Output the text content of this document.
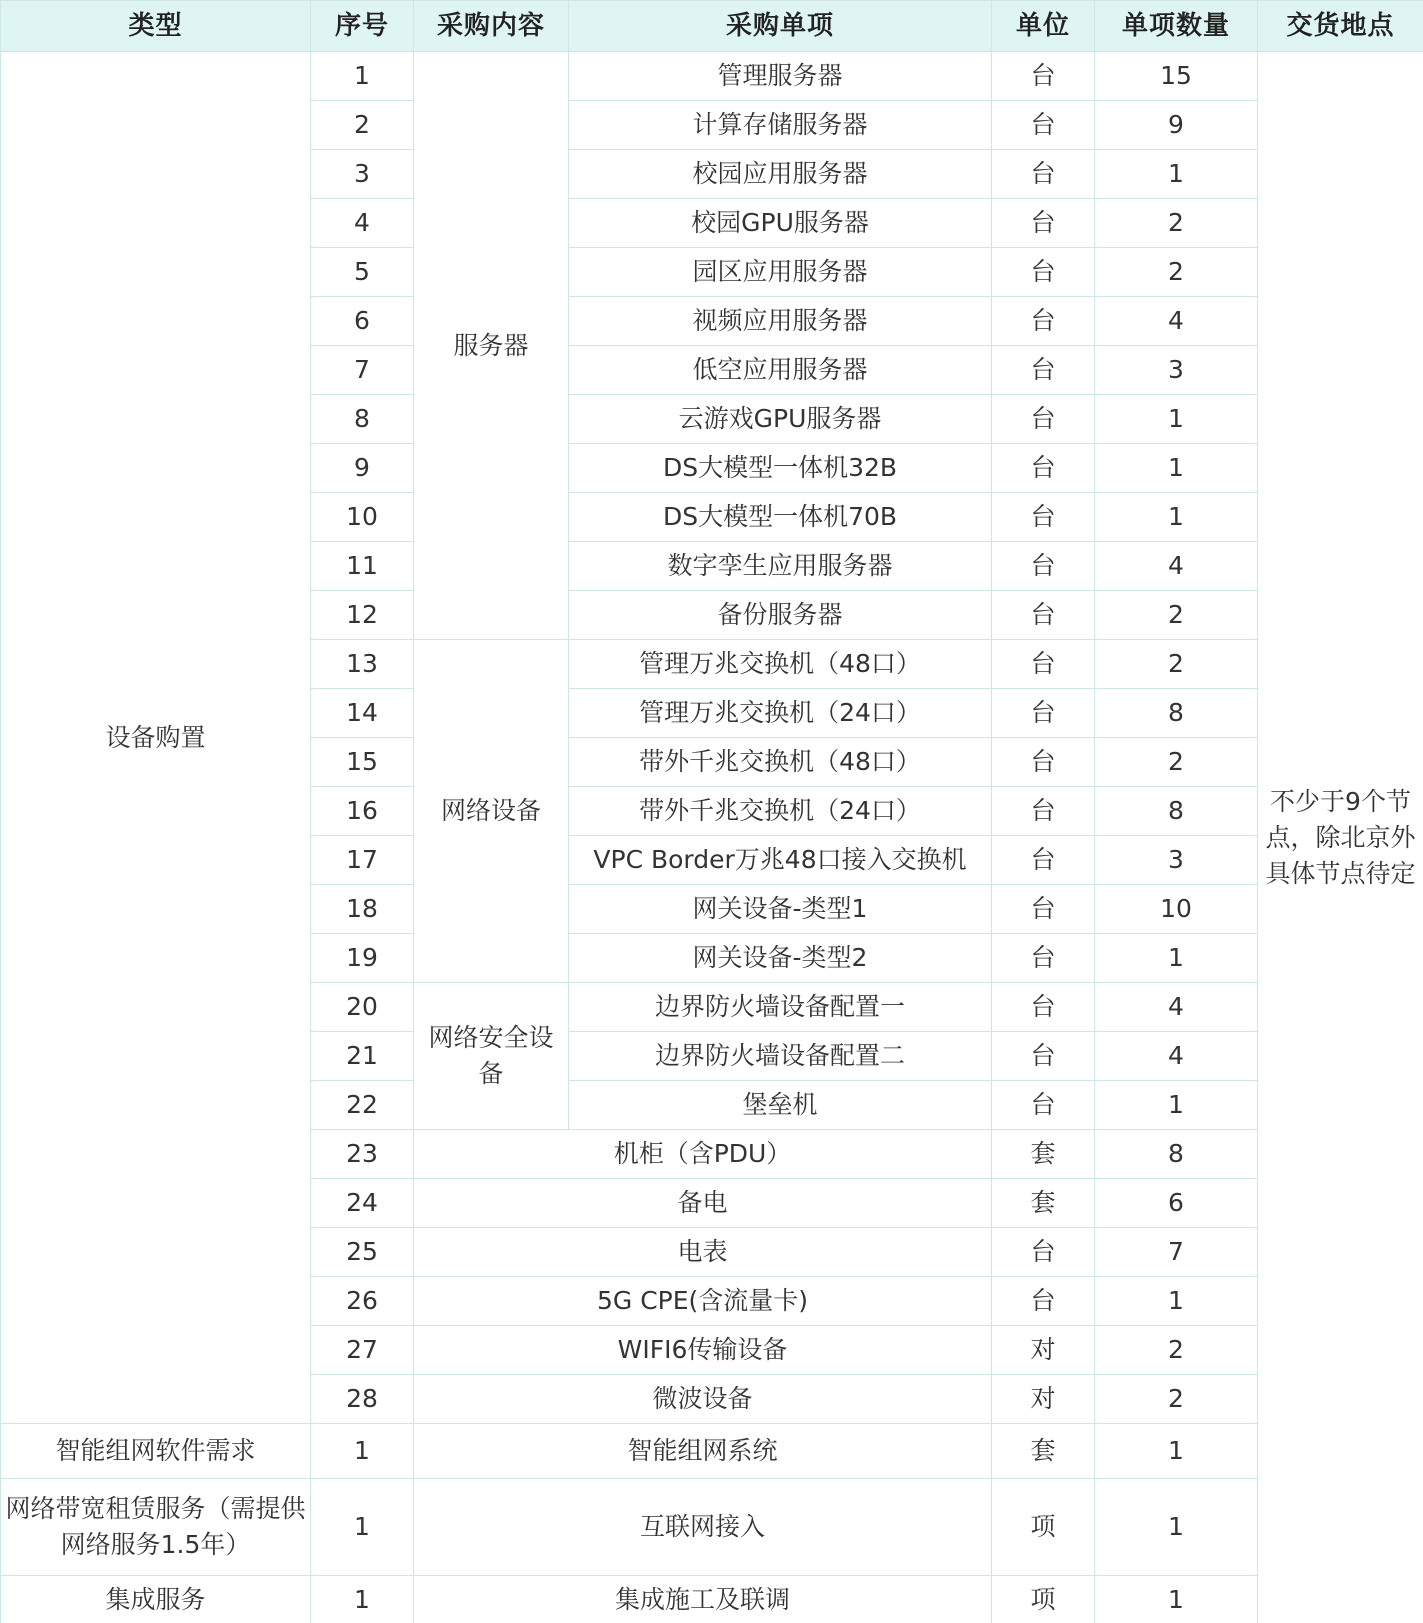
类型	序号	采购内容	采购单项	单位	单项数量	交货地点
设备购置	1	服务器	管理服务器	台	15	不少于9个节点，除北京外具体节点待定
	2		计算存储服务器	台	9	
	3		校园应用服务器	台	1	
	4		校园GPU服务器	台	2	
	5		园区应用服务器	台	2	
	6		视频应用服务器	台	4	
	7		低空应用服务器	台	3	
	8		云游戏GPU服务器	台	1	
	9		DS大模型一体机32B	台	1	
	10		DS大模型一体机70B	台	1	
	11		数字孪生应用服务器	台	4	
	12		备份服务器	台	2	
	13	网络设备	管理万兆交换机（48口）	台	2	
	14		管理万兆交换机（24口）	台	8	
	15		带外千兆交换机（48口）	台	2	
	16		带外千兆交换机（24口）	台	8	
	17		VPC Border万兆48口接入交换机	台	3	
	18		网关设备-类型1	台	10	
	19		网关设备-类型2	台	1	
	20	网络安全设备	边界防火墙设备配置一	台	4	
	21		边界防火墙设备配置二	台	4	
	22		堡垒机	台	1	
	23	机柜（含PDU）		套	8	
	24	备电		套	6	
	25	电表		台	7	
	26	5G CPE(含流量卡)		台	1	
	27	WIFI6传输设备		对	2	
	28	微波设备		对	2	
智能组网软件需求	1	智能组网系统		套	1	
网络带宽租赁服务（需提供网络服务1.5年）	1	互联网接入		项	1	
集成服务	1	集成施工及联调		项	1	
